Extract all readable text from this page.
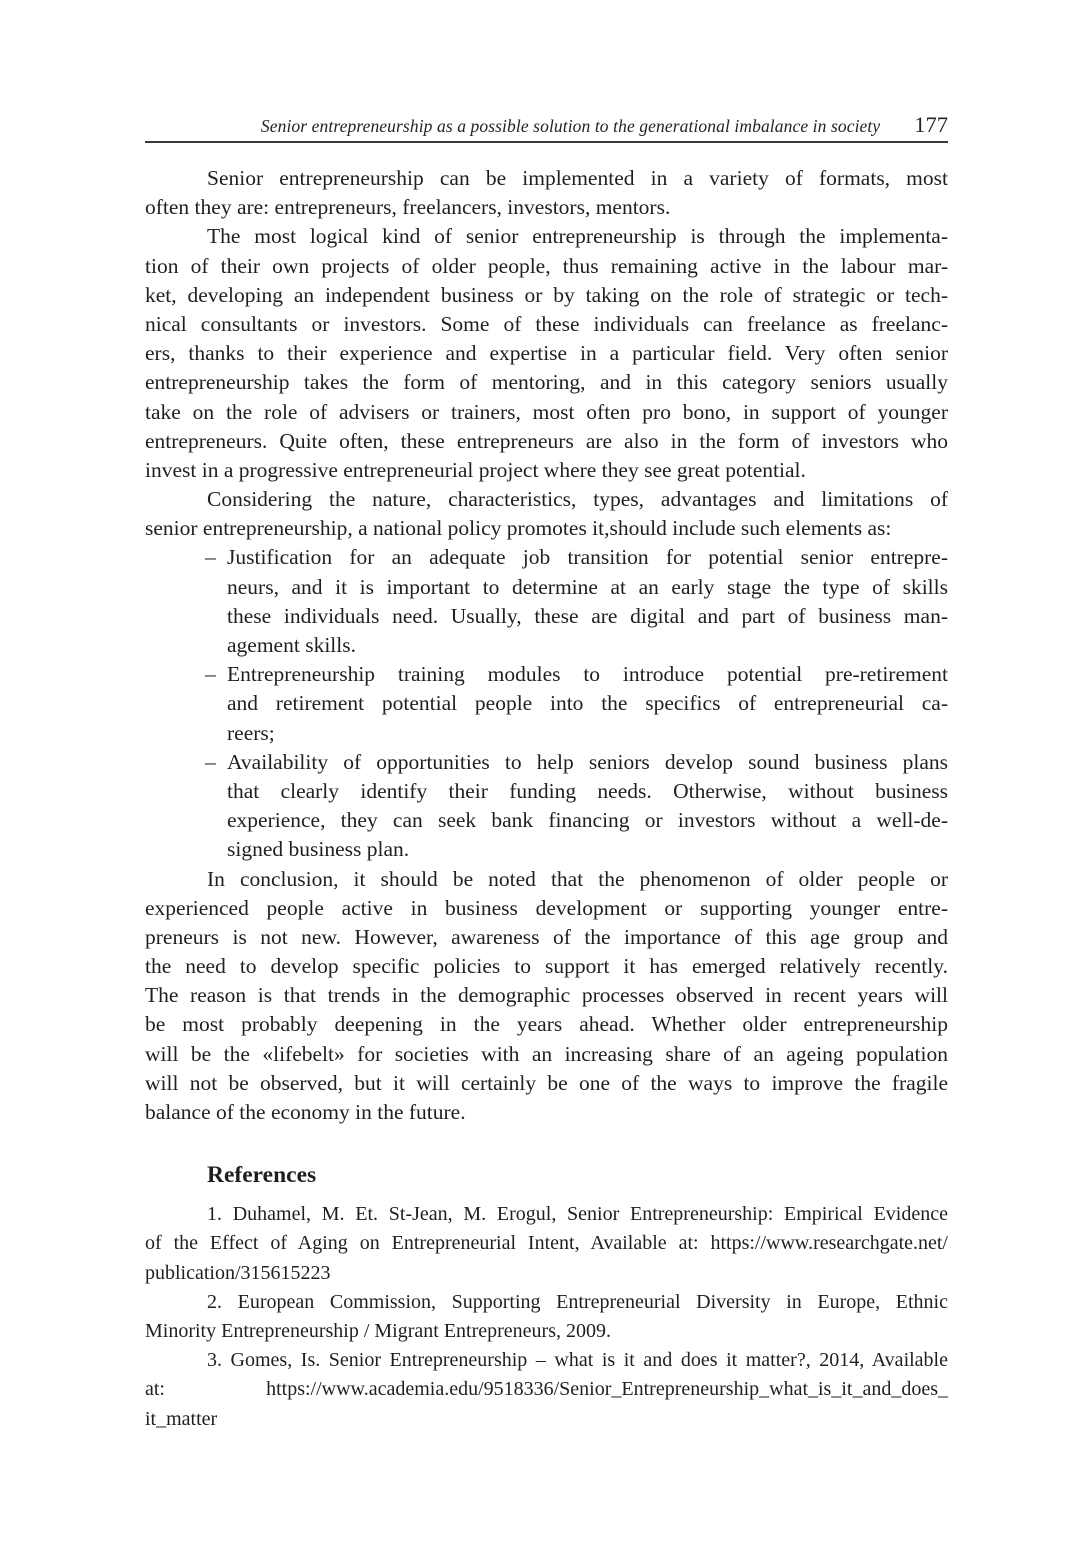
Senior entrepreneurship as a possible solution to the generational imbalance in society 177
Senior entrepreneurship can be implemented in a variety of formats, most
often they are: entrepreneurs, freelancers, investors, mentors.
The most logical kind of senior entrepreneurship is through the implementa-
tion of their own projects of older people, thus remaining active in the labour mar-
ket, developing an independent business or by taking on the role of strategic or tech-
nical consultants or investors. Some of these individuals can freelance as freelanc-
ers, thanks to their experience and expertise in a particular field. Very often senior
entrepreneurship takes the form of mentoring, and in this category seniors usually
take on the role of advisers or trainers, most often pro bono, in support of younger
entrepreneurs. Quite often, these entrepreneurs are also in the form of investors who
invest in a progressive entrepreneurial project where they see great potential.
Considering the nature, characteristics, types, advantages and limitations of
senior entrepreneurship, a national policy promotes it,should include such elements as:
– Justification for an adequate job transition for potential senior entrepre-
neurs, and it is important to determine at an early stage the type of skills
these individuals need. Usually, these are digital and part of business man-
agement skills.
– Entrepreneurship training modules to introduce potential pre-retirement
and retirement potential people into the specifics of entrepreneurial ca-
reers;
– Availability of opportunities to help seniors develop sound business plans
that clearly identify their funding needs. Otherwise, without business
experience, they can seek bank financing or investors without a well-de-
signed business plan.
In conclusion, it should be noted that the phenomenon of older people or
experienced people active in business development or supporting younger entre-
preneurs is not new. However, awareness of the importance of this age group and
the need to develop specific policies to support it has emerged relatively recently.
The reason is that trends in the demographic processes observed in recent years will
be most probably deepening in the years ahead. Whether older entrepreneurship
will be the «lifebelt» for societies with an increasing share of an ageing population
will not be observed, but it will certainly be one of the ways to improve the fragile
balance of the economy in the future.
References
1. Duhamel, M. Et. St-Jean, M. Erogul, Senior Entrepreneurship: Empirical Evidence
of the Effect of Aging on Entrepreneurial Intent, Available at: https://www.researchgate.net/
publication/315615223
2. European Commission, Supporting Entrepreneurial Diversity in Europe, Ethnic
Minority Entrepreneurship / Migrant Entrepreneurs, 2009.
3. Gomes, Is. Senior Entrepreneurship – what is it and does it matter?, 2014, Available
at: https://www.academia.edu/9518336/Senior_Entrepreneurship_what_is_it_and_does_
it_matter
